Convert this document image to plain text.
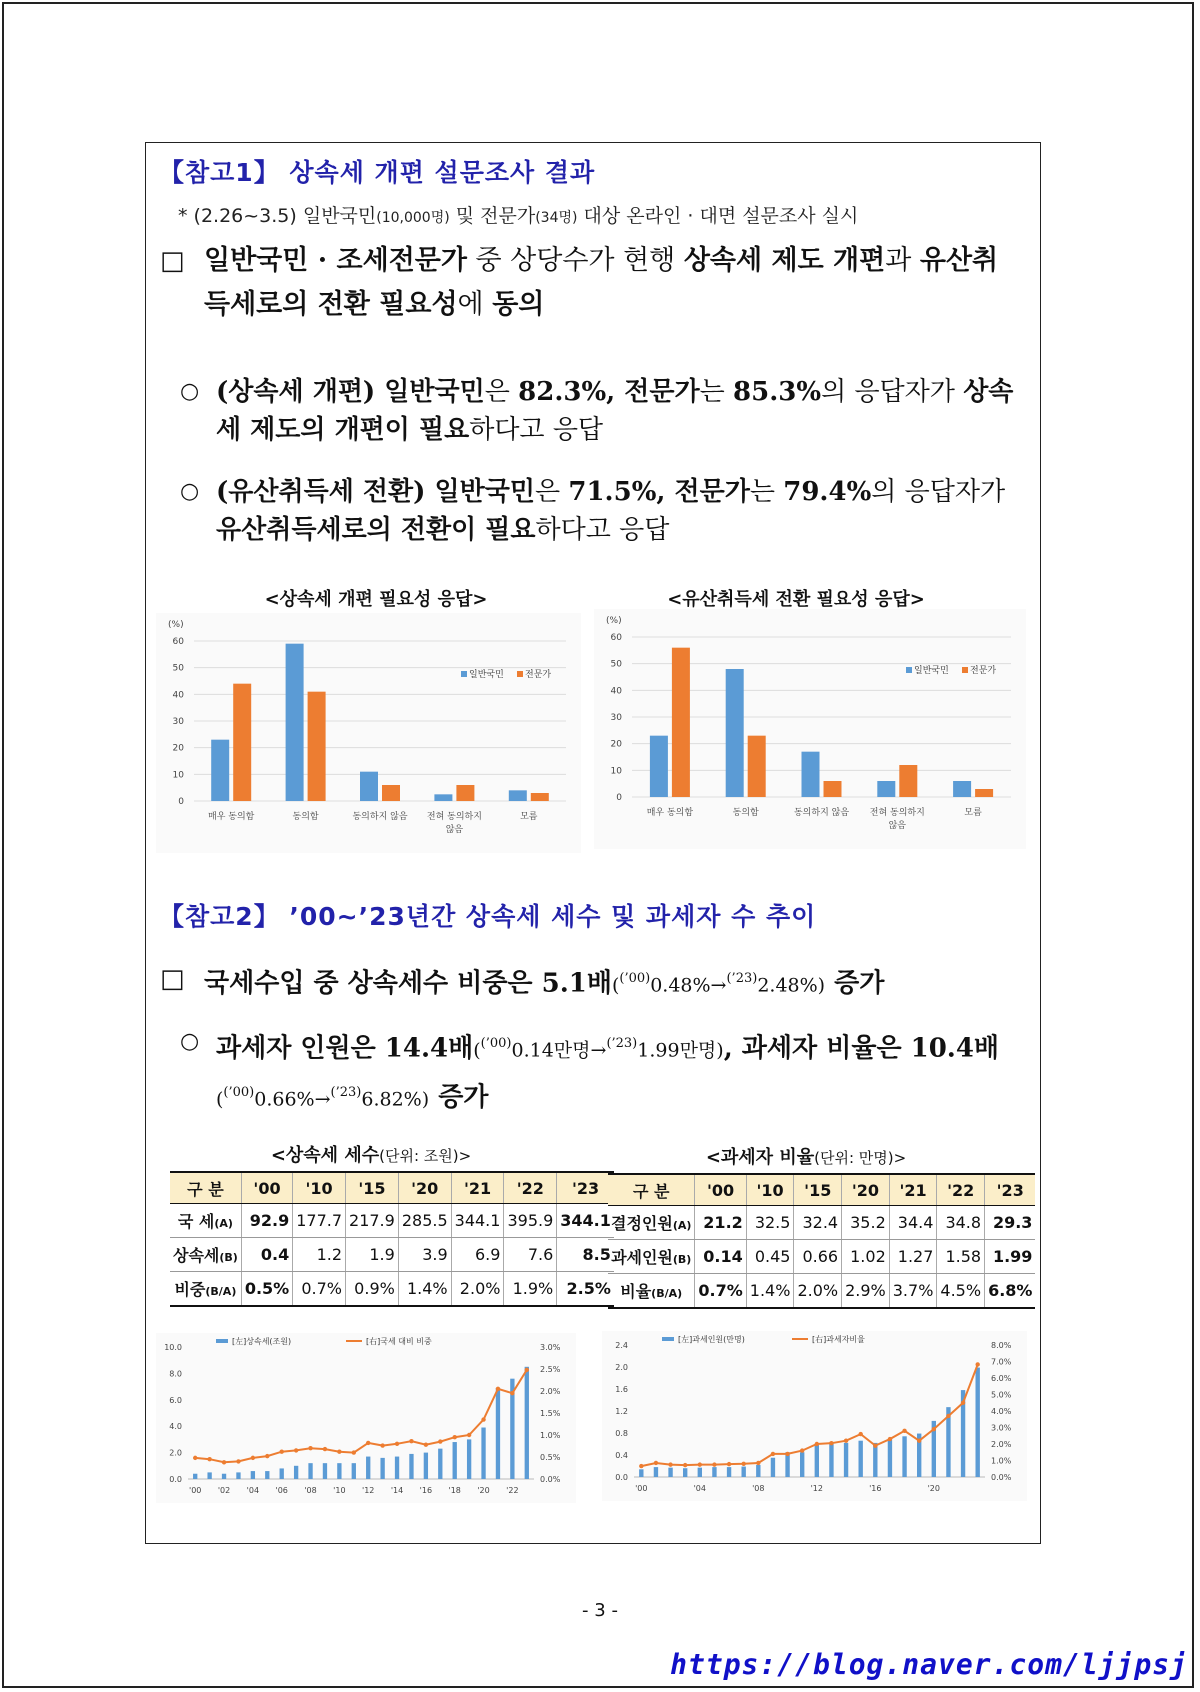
【참고1】 상속세 개편 설문조사 결과
* (2.26~3.5) 일반국민(10,000명) 및 전문가(34명) 대상 온라인 · 대면 설문조사 실시
□ 일반국민 · 조세전문가 중 상당수가 현행 상속세 제도 개편과 유산취득세로의 전환 필요성에 동의
○ (상속세 개편) 일반국민은 82.3%, 전문가는 85.3%의 응답자가 상속세 제도의 개편이 필요하다고 응답
○ (유산취득세 전환) 일반국민은 71.5%, 전문가는 79.4%의 응답자가 유산취득세로의 전환이 필요하다고 응답
<상속세 개편 필요성 응답>
(%)
0
10
20
30
40
50
60
매우 동의함	동의함	동의하지 않음 전혀 동의하지
않음
모름
일반국민 전문가
<유산취득세 전환 필요성 응답>
(%)
0
10
20
30
40
50
60
매우 동의함	동의함	동의하지 않음 전혀 동의하지
않음
모름
일반국민 전문가
【참고2】 ’00~’23년간 상속세 세수 및 과세자 수 추이
□ 국세수입 중 상속세수 비중은 5.1배($^{(’00)}$0.48%→$^{(’23)}$2.48%) 증가
○ 과세자 인원은 14.4배($^{(’00)}$0.14만명→$^{(’23)}$1.99만명), 과세자 비율은 10.4배($^{(’00)}$0.66%→$^{(’23)}$6.82%) 증가
<상속세 세수(단위: 조원)>
구 분	'00	'10	'15	'20	'21	'22	'23
국 세(A)	92.9	177.7	217.9	285.5	344.1	395.9	344.1
상속세(B)	0.4	1.2	1.9	3.9	6.9	7.6	8.5
비중(B/A)	0.5%	0.7%	0.9%	1.4%	2.0%	1.9%	2.5%
<과세자 비율(단위: 만명)>
구 분	'00	'10	'15	'20	'21	'22	'23
결정인원(A)	21.2	32.5	32.4	35.2	34.4	34.8	29.3
과세인원(B)	0.14	0.45	0.66	1.02	1.27	1.58	1.99
비율(B/A)	0.7%	1.4%	2.0%	2.9%	3.7%	4.5%	6.8%
0.0
2.0
4.0
6.0
8.0
10.0
0.0%
0.5%
1.0%
1.5%
2.0%
2.5%
3.0%
'00 '02 '04 '06 '08 '10 '12 '14 '16 '18 '20 '22
[左]상속세(조원)	[右]국세 대비 비중
0.0
0.4
0.8
1.2
1.6
2.0
2.4
0.0%
1.0%
2.0%
3.0%
4.0%
5.0%
6.0%
7.0%
8.0%
'00	'04	'08	'12	'16	'20
[左]과세인원(만명)	[右]과세자비율
- 3 -
https://blog.naver.com/ljjpsj
